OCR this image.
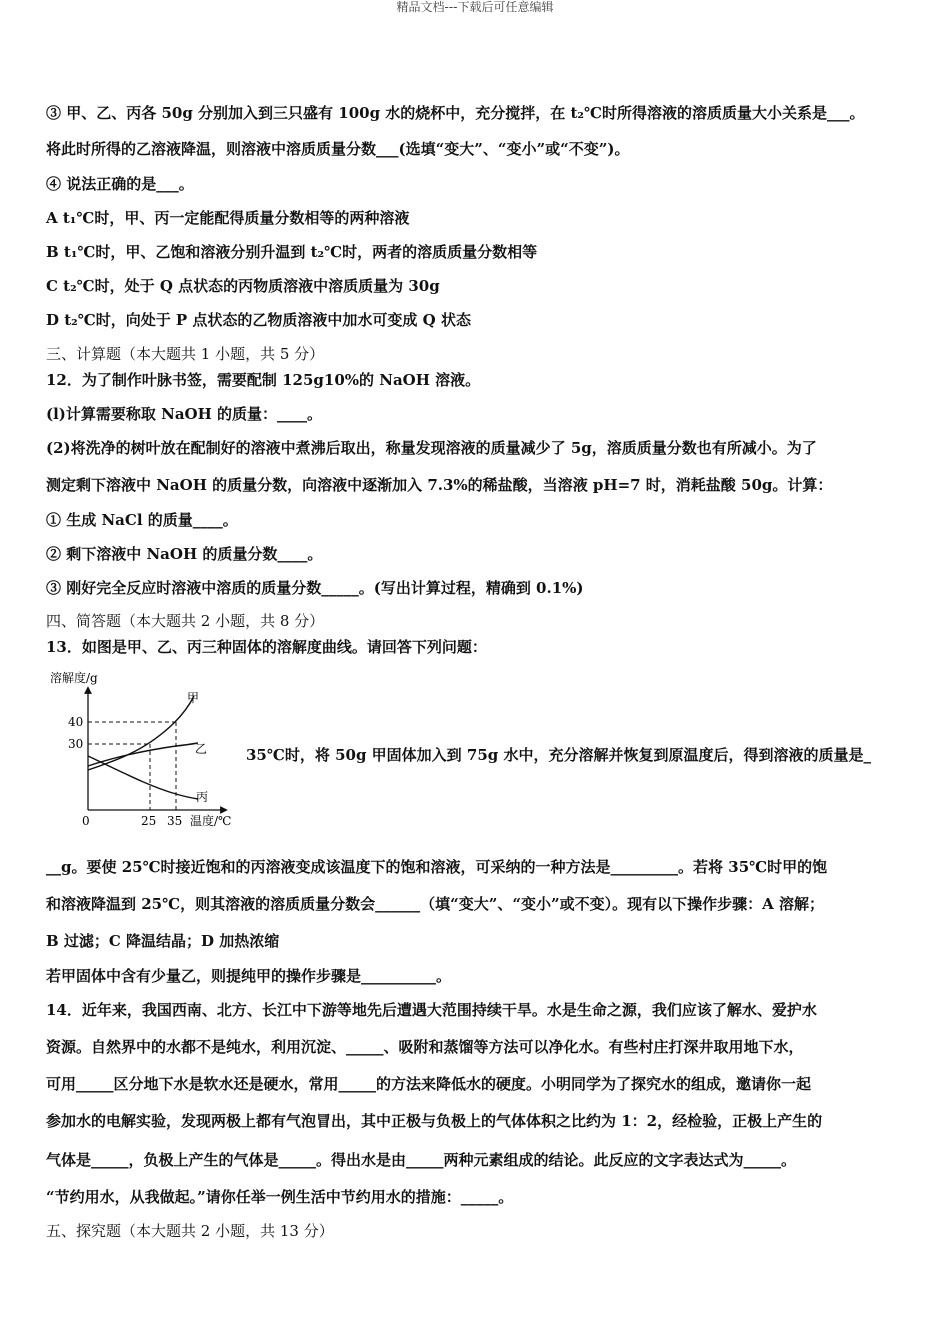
精品文档---下载后可任意编辑
③ 甲、乙、丙各 50g 分别加入到三只盛有 100g 水的烧杯中，充分搅拌，在 t₂℃时所得溶液的溶质质量大小关系是___。
将此时所得的乙溶液降温，则溶液中溶质质量分数___(选填“变大”、“变小”或“不变”)。
④ 说法正确的是___。
A t₁℃时，甲、丙一定能配得质量分数相等的两种溶液
B t₁℃时，甲、乙饱和溶液分别升温到 t₂℃时，两者的溶质质量分数相等
C t₂℃时，处于 Q 点状态的丙物质溶液中溶质质量为 30g
D t₂℃时，向处于 P 点状态的乙物质溶液中加水可变成 Q 状态
三、计算题（本大题共 1 小题，共 5 分）
12．为了制作叶脉书签，需要配制 125g10%的 NaOH 溶液。
(l)计算需要称取 NaOH 的质量：____。
(2)将洗净的树叶放在配制好的溶液中煮沸后取出，称量发现溶液的质量减少了 5g，溶质质量分数也有所减小。为了
测定剩下溶液中 NaOH 的质量分数，向溶液中逐渐加入 7.3%的稀盐酸，当溶液 pH=7 时，消耗盐酸 50g。计算：
① 生成 NaCl 的质量____。
② 剩下溶液中 NaOH 的质量分数____。
③ 刚好完全反应时溶液中溶质的质量分数_____。(写出计算过程，精确到 0.1%)
四、简答题（本大题共 2 小题，共 8 分）
13．如图是甲、乙、丙三种固体的溶解度曲线。请回答下列问题：
溶解度/g
40
30
0	25 35 温度/℃
甲
乙
丙
35℃时，将 50g 甲固体加入到 75g 水中，充分溶解并恢复到原温度后，得到溶液的质量是_
__g。要使 25℃时接近饱和的丙溶液变成该温度下的饱和溶液，可采纳的一种方法是_________。若将 35℃时甲的饱
和溶液降温到 25℃，则其溶液的溶质质量分数会______（填“变大”、“变小”或不变）。现有以下操作步骤：A 溶解；
B 过滤；C 降温结晶；D 加热浓缩
若甲固体中含有少量乙，则提纯甲的操作步骤是__________。
14．近年来，我国西南、北方、长江中下游等地先后遭遇大范围持续干旱。水是生命之源，我们应该了解水、爱护水
资源。自然界中的水都不是纯水，利用沉淀、_____、吸附和蒸馏等方法可以净化水。有些村庄打深井取用地下水，
可用_____区分地下水是软水还是硬水，常用_____的方法来降低水的硬度。小明同学为了探究水的组成，邀请你一起
参加水的电解实验，发现两极上都有气泡冒出，其中正极与负极上的气体体积之比约为 1：2，经检验，正极上产生的
气体是_____，负极上产生的气体是_____。得出水是由_____两种元素组成的结论。此反应的文字表达式为_____。
“节约用水，从我做起。”请你任举一例生活中节约用水的措施：_____。
五、探究题（本大题共 2 小题，共 13 分）
